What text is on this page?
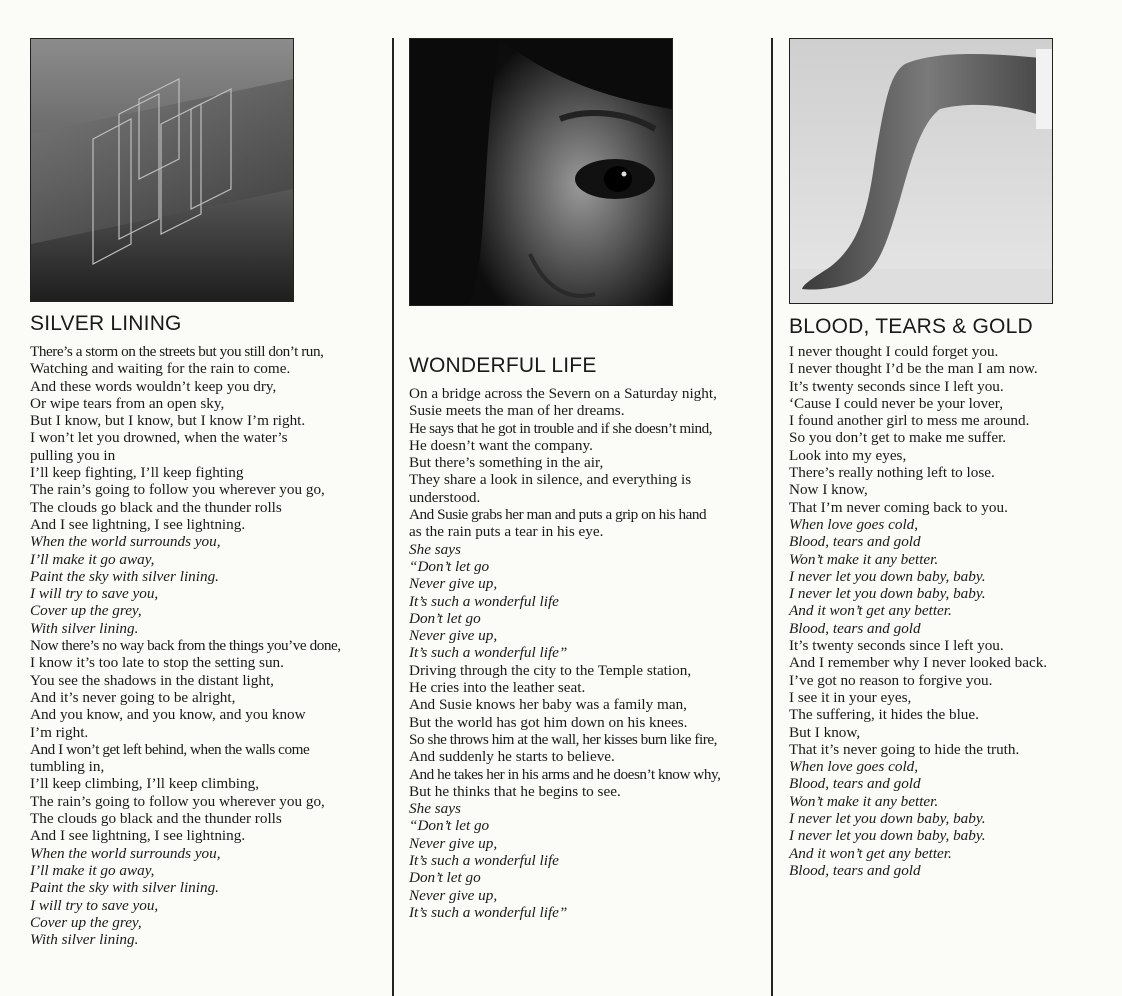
SILVER LINING
There’s a storm on the streets but you still don’t run,
Watching and waiting for the rain to come.
And these words wouldn’t keep you dry,
Or wipe tears from an open sky,
But I know, but I know, but I know I’m right.
I won’t let you drowned, when the water’s
pulling you in
I’ll keep fighting, I’ll keep fighting
The rain’s going to follow you wherever you go,
The clouds go black and the thunder rolls
And I see lightning, I see lightning.
When the world surrounds you,
I’ll make it go away,
Paint the sky with silver lining.
I will try to save you,
Cover up the grey,
With silver lining.
Now there’s no way back from the things you’ve done,
I know it’s too late to stop the setting sun.
You see the shadows in the distant light,
And it’s never going to be alright,
And you know, and you know, and you know
I’m right.
And I won’t get left behind, when the walls come
tumbling in,
I’ll keep climbing, I’ll keep climbing,
The rain’s going to follow you wherever you go,
The clouds go black and the thunder rolls
And I see lightning, I see lightning.
When the world surrounds you,
I’ll make it go away,
Paint the sky with silver lining.
I will try to save you,
Cover up the grey,
With silver lining.
WONDERFUL LIFE
On a bridge across the Severn on a Saturday night,
Susie meets the man of her dreams.
He says that he got in trouble and if she doesn’t mind,
He doesn’t want the company.
But there’s something in the air,
They share a look in silence, and everything is
understood.
And Susie grabs her man and puts a grip on his hand
as the rain puts a tear in his eye.
She says
“Don’t let go
Never give up,
It’s such a wonderful life
Don’t let go
Never give up,
It’s such a wonderful life”
Driving through the city to the Temple station,
He cries into the leather seat.
And Susie knows her baby was a family man,
But the world has got him down on his knees.
So she throws him at the wall, her kisses burn like fire,
And suddenly he starts to believe.
And he takes her in his arms and he doesn’t know why,
But he thinks that he begins to see.
She says
“Don’t let go
Never give up,
It’s such a wonderful life
Don’t let go
Never give up,
It’s such a wonderful life”
BLOOD, TEARS & GOLD
I never thought I could forget you.
I never thought I’d be the man I am now.
It’s twenty seconds since I left you.
‘Cause I could never be your lover,
I found another girl to mess me around.
So you don’t get to make me suffer.
Look into my eyes,
There’s really nothing left to lose.
Now I know,
That I’m never coming back to you.
When love goes cold,
Blood, tears and gold
Won’t make it any better.
I never let you down baby, baby.
I never let you down baby, baby.
And it won’t get any better.
Blood, tears and gold
It’s twenty seconds since I left you.
And I remember why I never looked back.
I’ve got no reason to forgive you.
I see it in your eyes,
The suffering, it hides the blue.
But I know,
That it’s never going to hide the truth.
When love goes cold,
Blood, tears and gold
Won’t make it any better.
I never let you down baby, baby.
I never let you down baby, baby.
And it won’t get any better.
Blood, tears and gold
